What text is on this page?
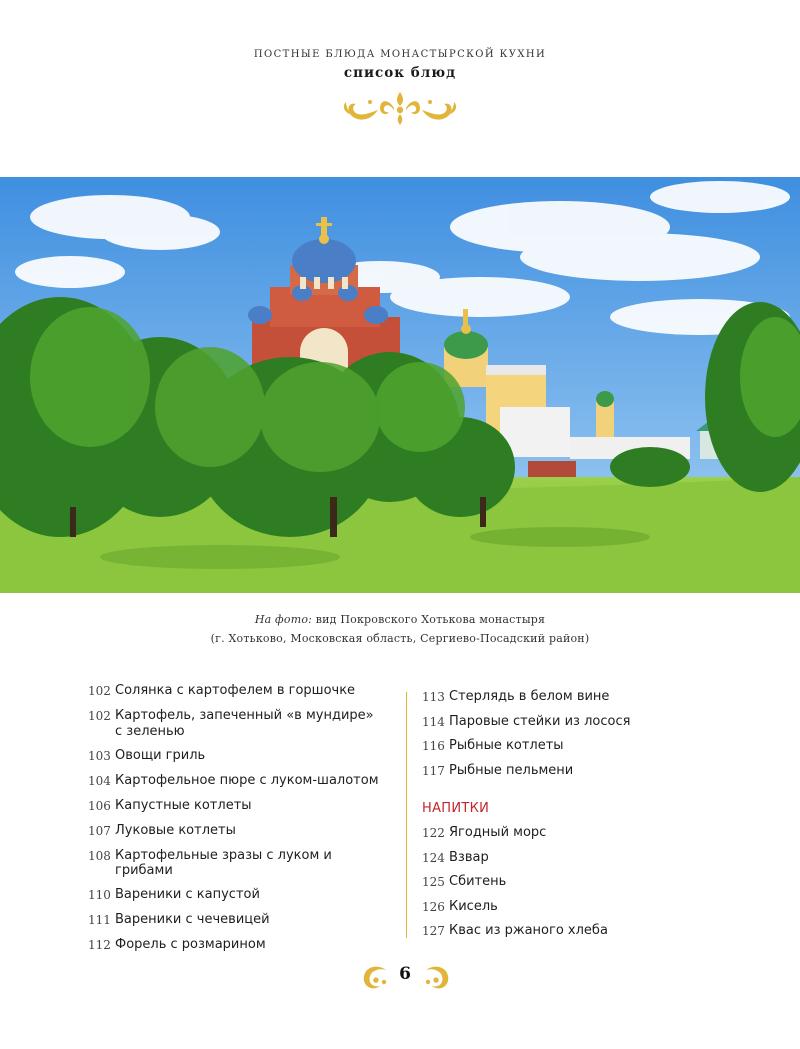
ПОСТНЫЕ БЛЮДА МОНАСТЫРСКОЙ КУХНИ
список блюд
На фото: вид Покровского Хотькова монастыря
(г. Хотьково, Московская область, Сергиево-Посадский район)
102 Солянка с картофелем в горшочке
102 Картофель, запеченный «в мундире» с зеленью
103 Овощи гриль
104 Картофельное пюре с луком-шалотом
106 Капустные котлеты
107 Луковые котлеты
108 Картофельные зразы с луком и грибами
110 Вареники с капустой
111 Вареники с чечевицей
112 Форель с розмарином
113 Стерлядь в белом вине
114 Паровые стейки из лосося
116 Рыбные котлеты
117 Рыбные пельмени
НАПИТКИ
122 Ягодный морс
124 Взвар
125 Сбитень
126 Кисель
127 Квас из ржаного хлеба
6
